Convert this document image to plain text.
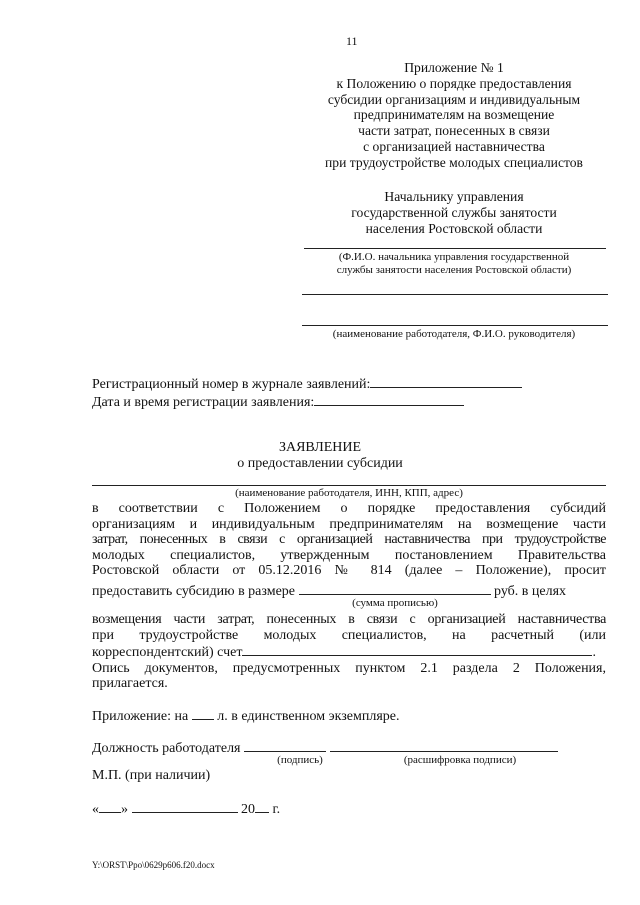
11
Приложение № 1
к Положению о порядке предоставления
субсидии организациям и индивидуальным
предпринимателям на возмещение
части затрат, понесенных в связи
с организацией наставничества
при трудоустройстве молодых специалистов
Начальнику управления
государственной службы занятости
населения Ростовской области
(Ф.И.О. начальника управления государственной
службы занятости населения Ростовской области)
(наименование работодателя, Ф.И.О. руководителя)
Регистрационный номер в журнале заявлений:
Дата и время регистрации заявления:
ЗАЯВЛЕНИЕ
о предоставлении субсидии
(наименование работодателя, ИНН, КПП, адрес)
в соответствии с Положением о порядке предоставления субсидий
организациям и индивидуальным предпринимателям на возмещение части
затрат, понесенных в связи с организацией наставничества при трудоустройстве
молодых специалистов, утвержденным постановлением Правительства
Ростовской области от 05.12.2016 № 814 (далее – Положение), просит
предоставить субсидию в размере	руб. в целях
(сумма прописью)
возмещения части затрат, понесенных в связи с организацией наставничества
при трудоустройстве молодых специалистов, на расчетный (или
корреспондентский) счет	.
Опись документов, предусмотренных пунктом 2.1 раздела 2 Положения,
прилагается.
Приложение: на л. в единственном экземпляре.
Должность работодателя
(подпись)	(расшифровка подписи)
М.П. (при наличии)
« »	20 г.
Y:\ORST\Ppo\0629p606.f20.docx
